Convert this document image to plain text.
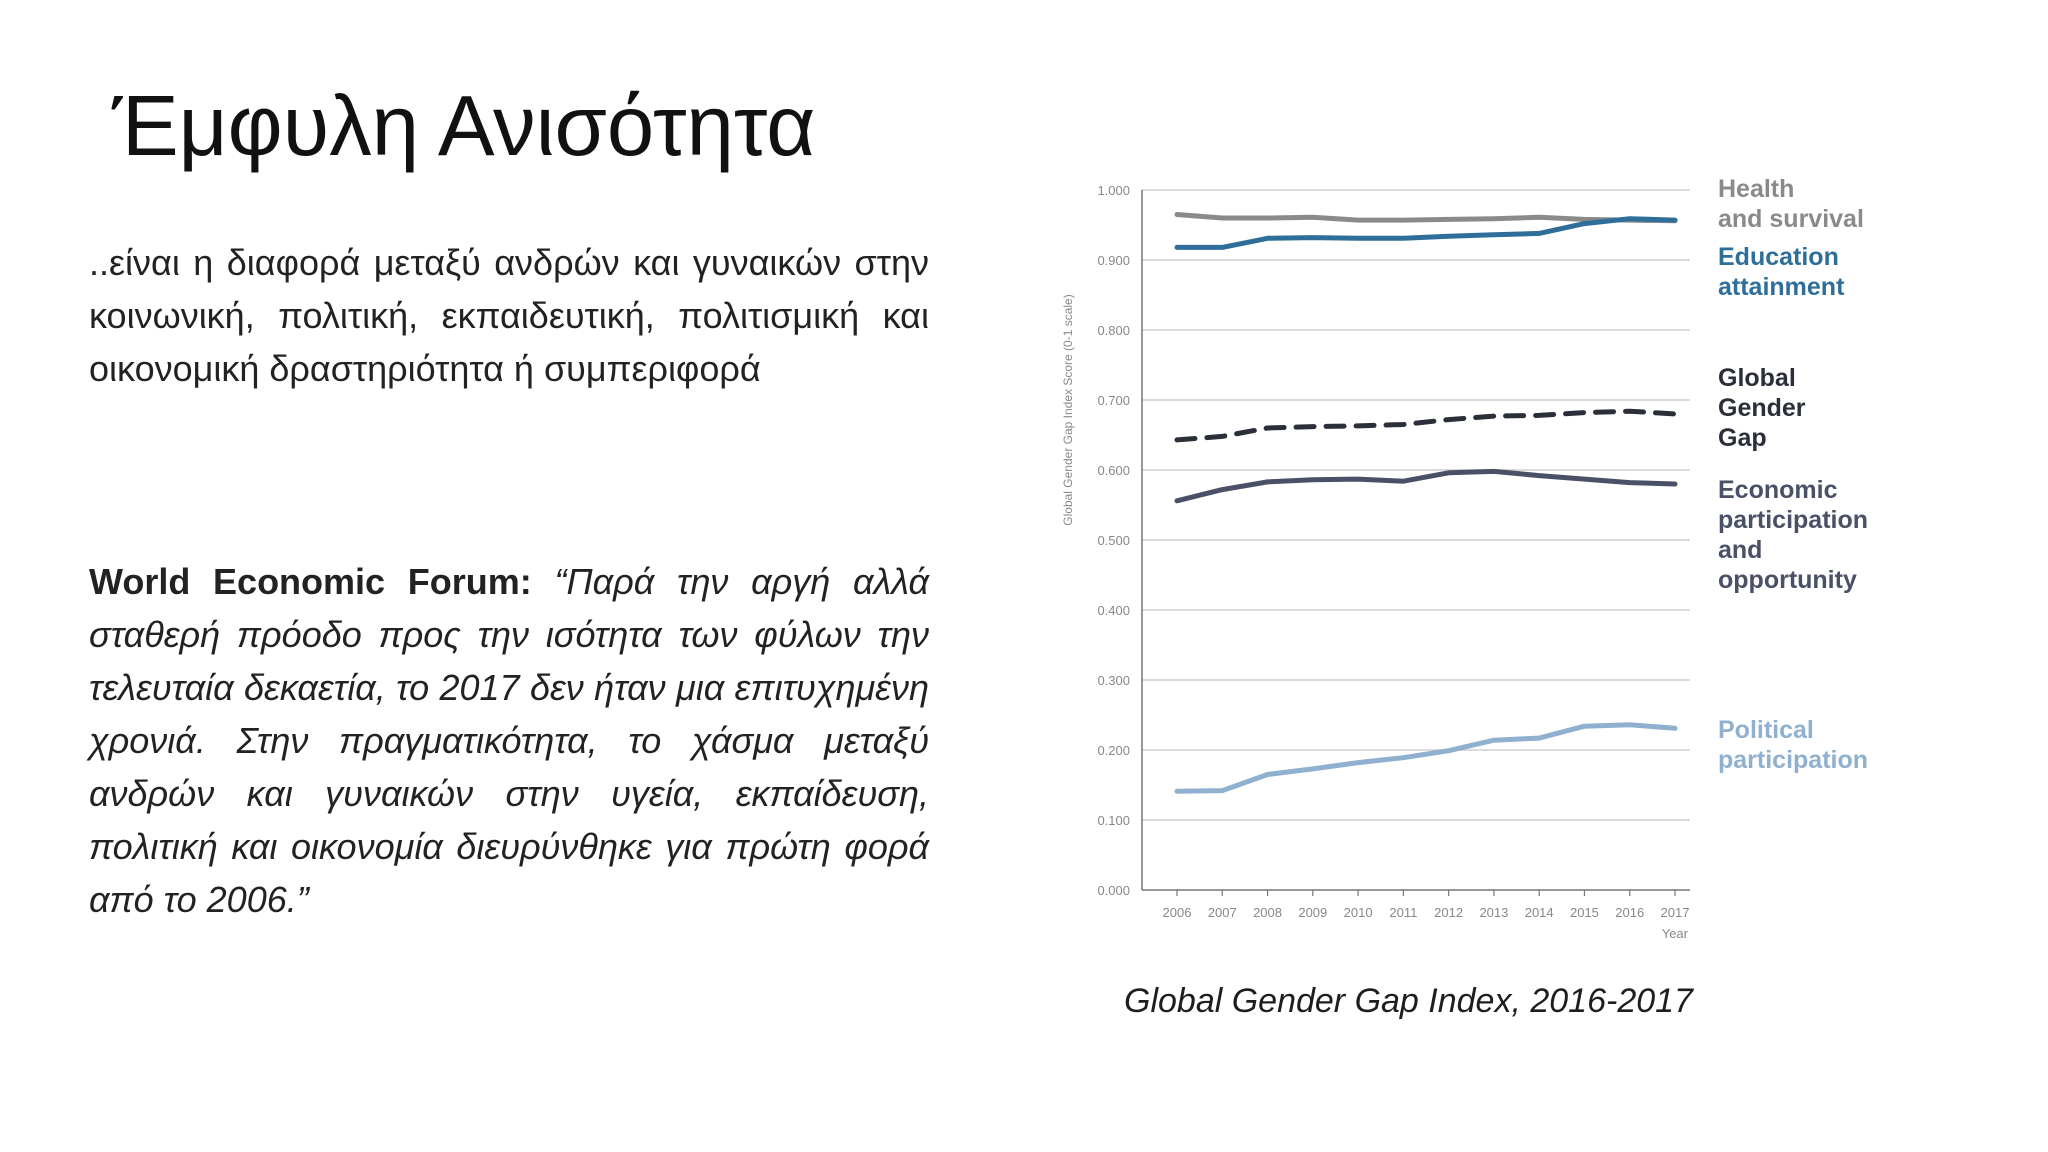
Έμφυλη Ανισότητα

..είναι η διαφορά μεταξύ ανδρών και γυναικών στην κοινωνική, πολιτική, εκπαιδευτική, πολιτισμική και οικονομική δραστηριότητα ή συμπεριφορά

World Economic Forum: “Παρά την αργή αλλά σταθερή πρόοδο προς την ισότητα των φύλων την τελευταία δεκαετία, το 2017 δεν ήταν μια επιτυχημένη χρονιά. Στην πραγματικότητα, το χάσμα μεταξύ ανδρών και γυναικών στην υγεία, εκπαίδευση, πολιτική και οικονομία διευρύνθηκε για πρώτη φορά από το 2006.”	0.000
0.100
0.200
0.300
0.400
0.500
0.600
0.700
0.800
0.900
1.000
2006 2007 2008 2009 2010 2011 2012 2013 2014 2015 2016 2017
Year
Global Gender Gap Index Score (0-1 scale)
Health
and survival
Education
attainment
Global
Gender
Gap
Economic
participation
and
opportunity
Political
participation
Global Gender Gap Index, 2016-2017
